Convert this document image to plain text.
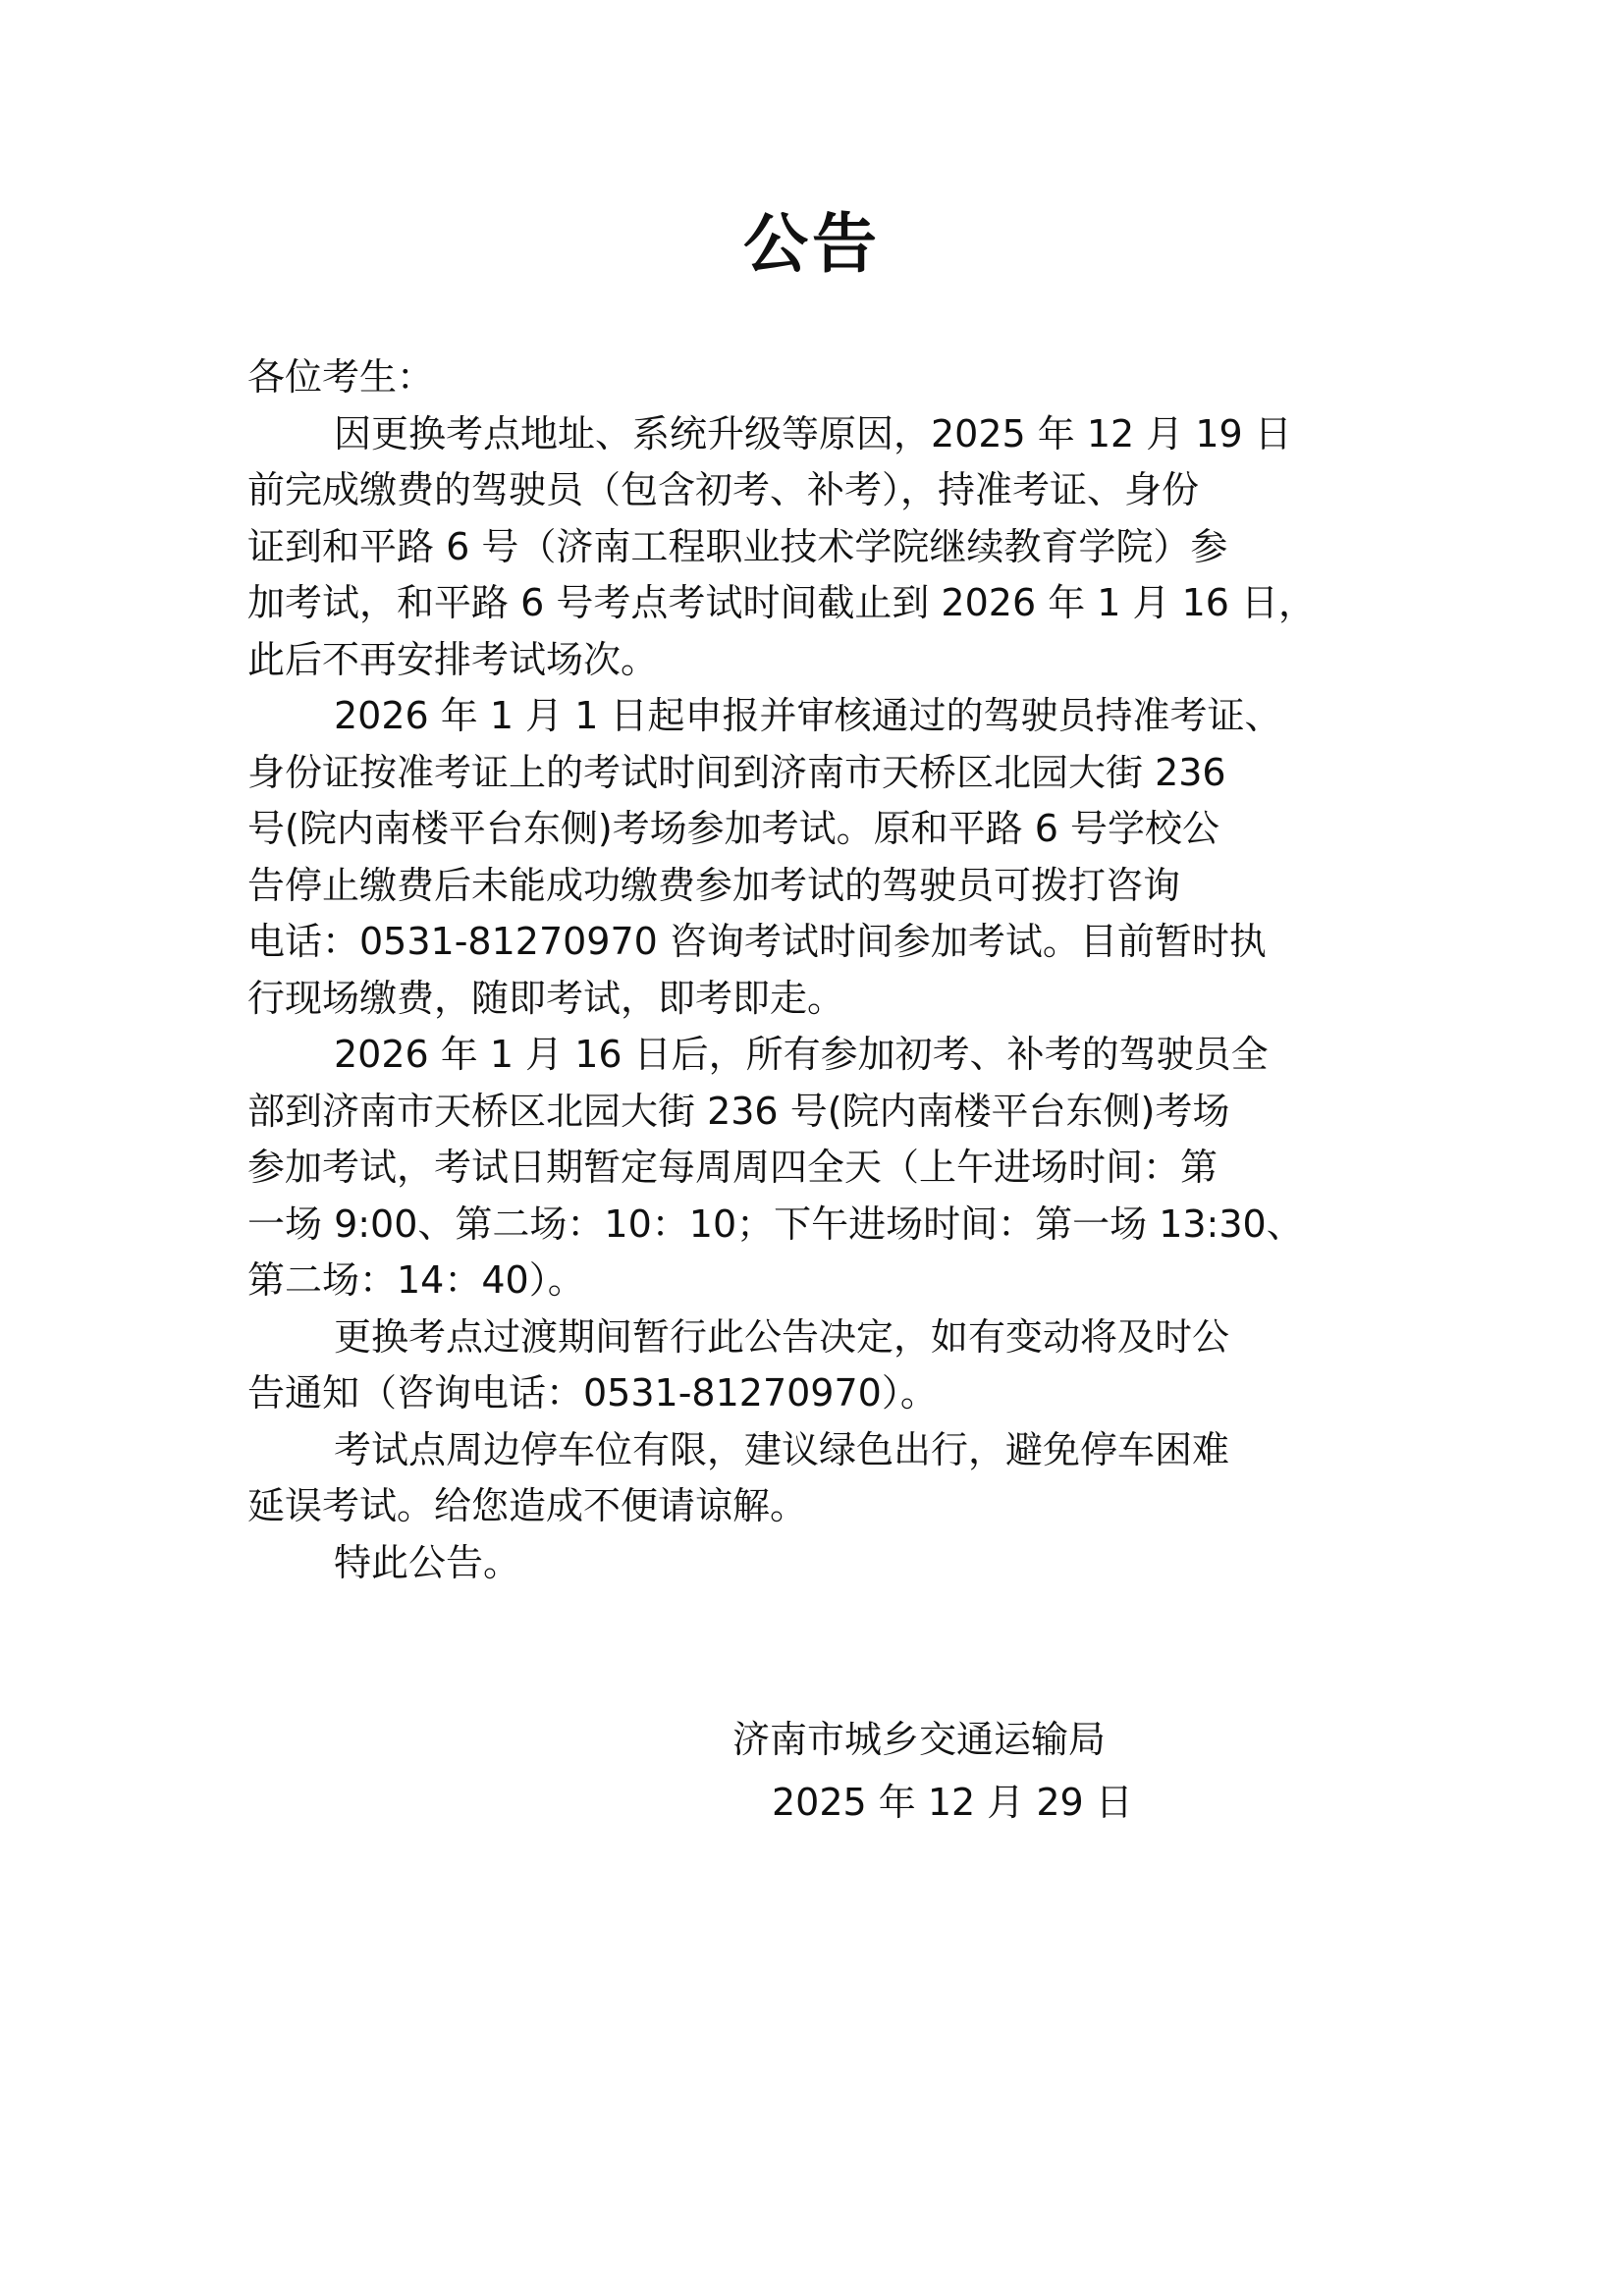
公告
各位考生：
因更换考点地址、系统升级等原因，2025 年 12 月 19 日
前完成缴费的驾驶员（包含初考、补考），持准考证、身份
证到和平路 6 号（济南工程职业技术学院继续教育学院）参
加考试，和平路 6 号考点考试时间截止到 2026 年 1 月 16 日，
此后不再安排考试场次。
2026 年 1 月 1 日起申报并审核通过的驾驶员持准考证、
身份证按准考证上的考试时间到济南市天桥区北园大街 236
号(院内南楼平台东侧)考场参加考试。原和平路 6 号学校公
告停止缴费后未能成功缴费参加考试的驾驶员可拨打咨询
电话：0531-81270970 咨询考试时间参加考试。目前暂时执
行现场缴费，随即考试，即考即走。
2026 年 1 月 16 日后，所有参加初考、补考的驾驶员全
部到济南市天桥区北园大街 236 号(院内南楼平台东侧)考场
参加考试，考试日期暂定每周周四全天（上午进场时间：第
一场 9:00、第二场：10：10；下午进场时间：第一场 13:30、
第二场：14：40）。
更换考点过渡期间暂行此公告决定，如有变动将及时公
告通知（咨询电话：0531-81270970）。
考试点周边停车位有限，建议绿色出行，避免停车困难
延误考试。给您造成不便请谅解。
特此公告。
济南市城乡交通运输局
2025 年 12 月 29 日
